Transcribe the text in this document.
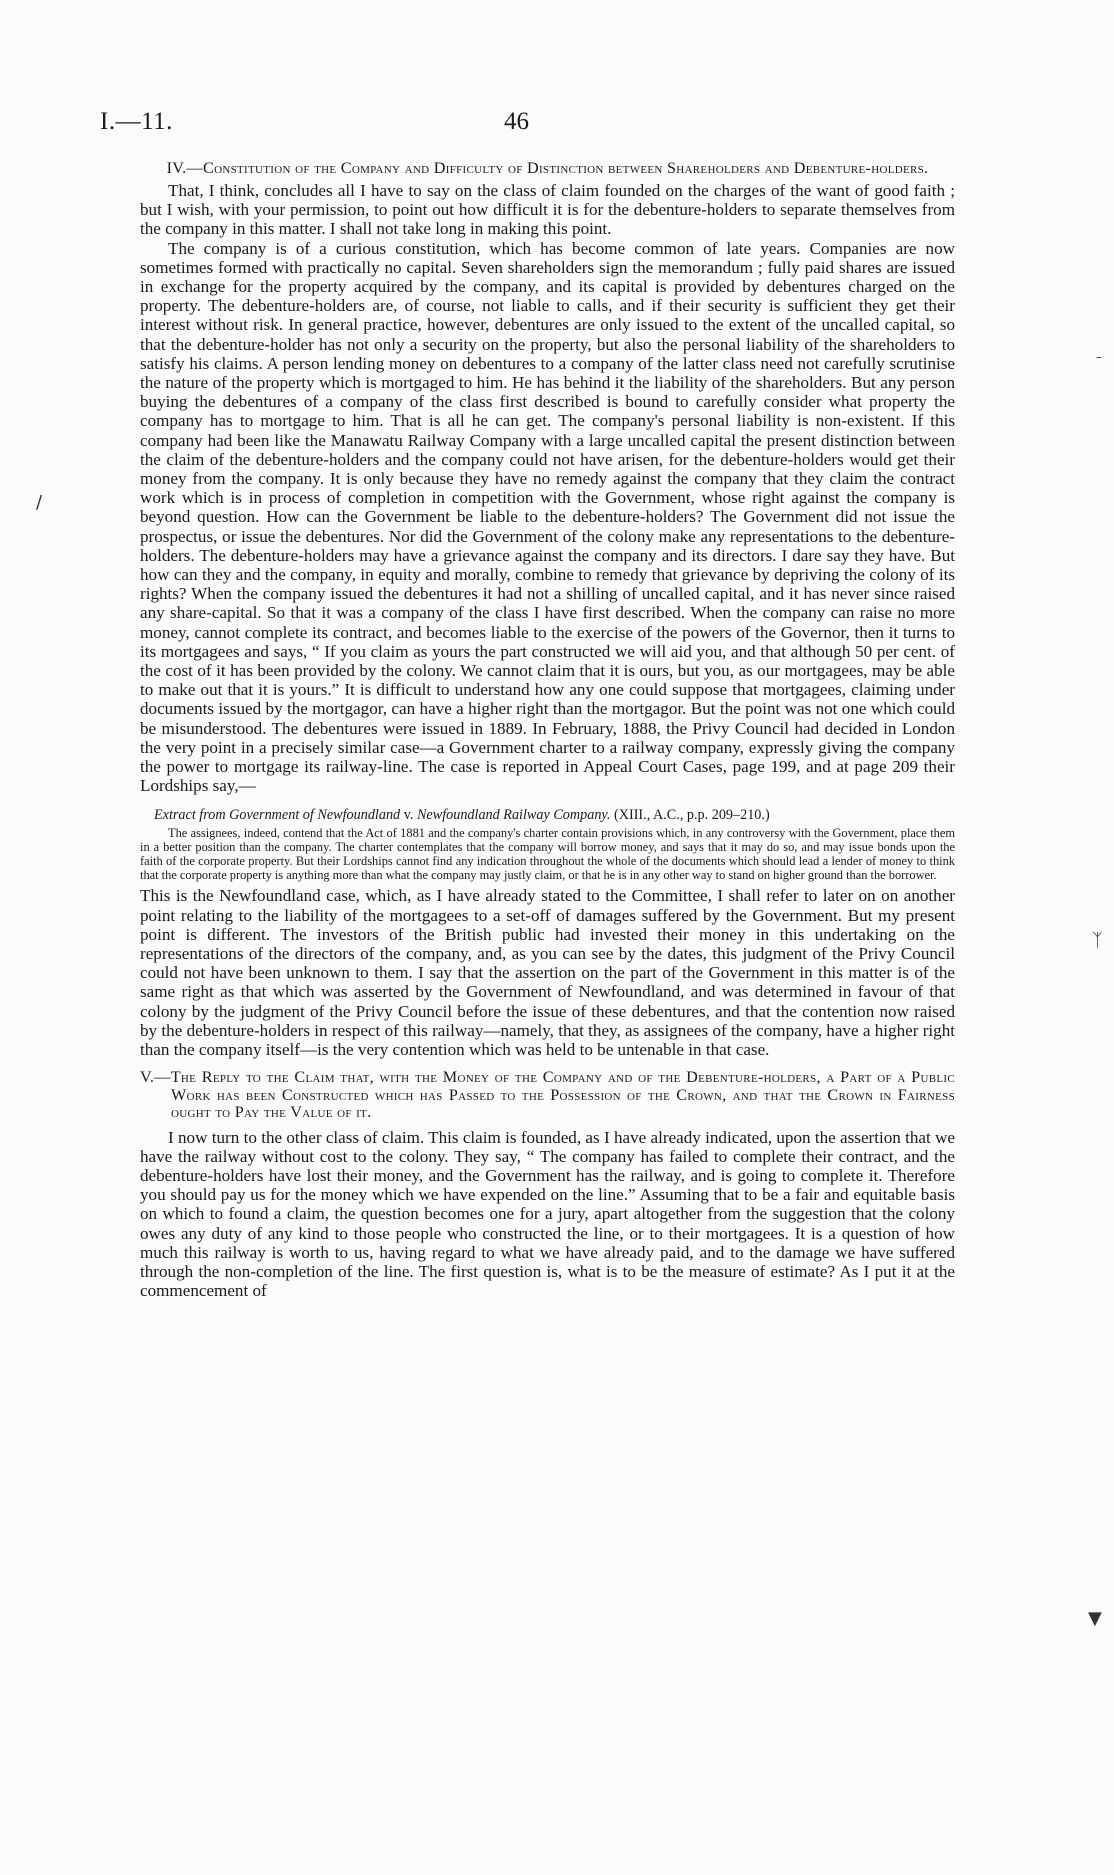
I.—11.	46
IV.—Constitution of the Company and Difficulty of Distinction between Shareholders and Debenture-holders.

That, I think, concludes all I have to say on the class of claim founded on the charges of the want of good faith ; but I wish, with your permission, to point out how difficult it is for the debenture-holders to separate themselves from the company in this matter. I shall not take long in making this point.

The company is of a curious constitution, which has become common of late years. Companies are now sometimes formed with practically no capital. Seven shareholders sign the memorandum ; fully paid shares are issued in exchange for the property acquired by the company, and its capital is provided by debentures charged on the property. The debenture-holders are, of course, not liable to calls, and if their security is sufficient they get their interest without risk. In general practice, however, debentures are only issued to the extent of the uncalled capital, so that the debenture-holder has not only a security on the property, but also the personal liability of the shareholders to satisfy his claims. A person lending money on debentures to a company of the latter class need not carefully scrutinise the nature of the property which is mortgaged to him. He has behind it the liability of the shareholders. But any person buying the debentures of a company of the class first described is bound to carefully consider what property the company has to mortgage to him. That is all he can get. The company's personal liability is non-existent. If this company had been like the Manawatu Railway Company with a large uncalled capital the present distinction between the claim of the debenture-holders and the company could not have arisen, for the debenture-holders would get their money from the company. It is only because they have no remedy against the company that they claim the contract work which is in process of completion in competition with the Government, whose right against the company is beyond question. How can the Government be liable to the debenture-holders? The Government did not issue the prospectus, or issue the debentures. Nor did the Government of the colony make any representations to the debenture-holders. The debenture-holders may have a grievance against the company and its directors. I dare say they have. But how can they and the company, in equity and morally, combine to remedy that grievance by depriving the colony of its rights? When the company issued the debentures it had not a shilling of uncalled capital, and it has never since raised any share-capital. So that it was a company of the class I have first described. When the company can raise no more money, cannot complete its contract, and becomes liable to the exercise of the powers of the Governor, then it turns to its mortgagees and says, “ If you claim as yours the part constructed we will aid you, and that although 50 per cent. of the cost of it has been provided by the colony. We cannot claim that it is ours, but you, as our mortgagees, may be able to make out that it is yours.” It is difficult to understand how any one could suppose that mortgagees, claiming under documents issued by the mortgagor, can have a higher right than the mortgagor. But the point was not one which could be misunderstood. The debentures were issued in 1889. In February, 1888, the Privy Council had decided in London the very point in a precisely similar case—a Government charter to a railway company, expressly giving the company the power to mortgage its railway-line. The case is reported in Appeal Court Cases, page 199, and at page 209 their Lordships say,—

Extract from Government of Newfoundland v. Newfoundland Railway Company. (XIII., A.C., p.p. 209–210.)
The assignees, indeed, contend that the Act of 1881 and the company's charter contain provisions which, in any controversy with the Government, place them in a better position than the company. The charter contemplates that the company will borrow money, and says that it may do so, and may issue bonds upon the faith of the corporate property. But their Lordships cannot find any indication throughout the whole of the documents which should lead a lender of money to think that the corporate property is anything more than what the company may justly claim, or that he is in any other way to stand on higher ground than the borrower.

This is the Newfoundland case, which, as I have already stated to the Committee, I shall refer to later on on another point relating to the liability of the mortgagees to a set-off of damages suffered by the Government. But my present point is different. The investors of the British public had invested their money in this undertaking on the representations of the directors of the company, and, as you can see by the dates, this judgment of the Privy Council could not have been unknown to them. I say that the assertion on the part of the Government in this matter is of the same right as that which was asserted by the Government of Newfoundland, and was determined in favour of that colony by the judgment of the Privy Council before the issue of these debentures, and that the contention now raised by the debenture-holders in respect of this railway—namely, that they, as assignees of the company, have a higher right than the company itself—is the very contention which was held to be untenable in that case.

V.—The Reply to the Claim that, with the Money of the Company and of the Debenture-holders, a Part of a Public Work has been Constructed which has Passed to the Possession of the Crown, and that the Crown in Fairness ought to Pay the Value of it.

I now turn to the other class of claim. This claim is founded, as I have already indicated, upon the assertion that we have the railway without cost to the colony. They say, “ The company has failed to complete their contract, and the debenture-holders have lost their money, and the Government has the railway, and is going to complete it. Therefore you should pay us for the money which we have expended on the line.” Assuming that to be a fair and equitable basis on which to found a claim, the question becomes one for a jury, apart altogether from the suggestion that the colony owes any duty of any kind to those people who constructed the line, or to their mortgagees. It is a question of how much this railway is worth to us, having regard to what we have already paid, and to the damage we have suffered through the non-completion of the line. The first question is, what is to be the measure of estimate? As I put it at the commencement of

/
ᛉ
▼
–
